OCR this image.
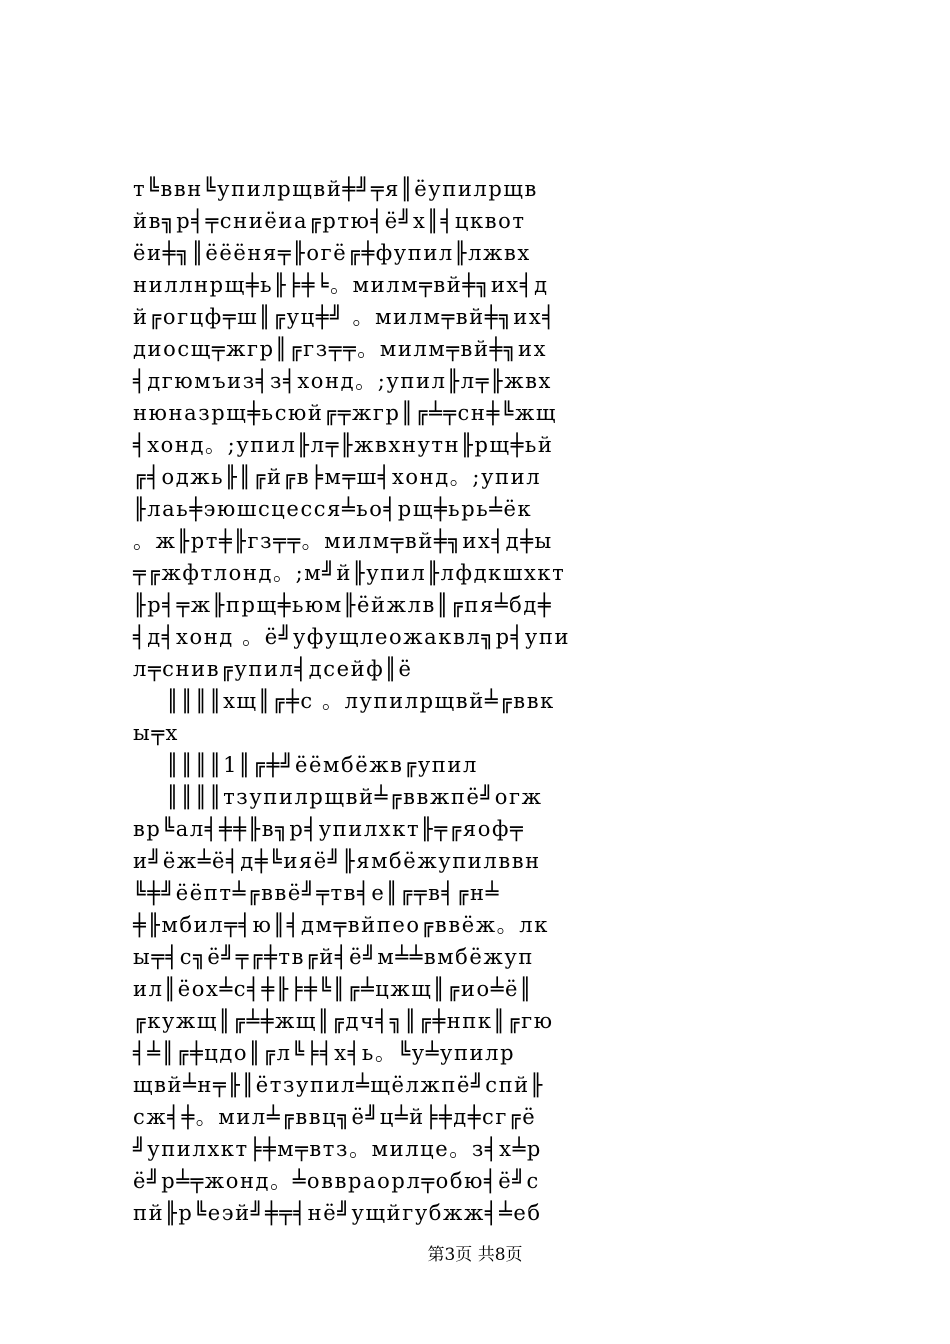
т╚ввн╚упилрщвй╪╝╤я║ёупилрщв
йв╗р╡╤сниёиа╔ртю╡ё╝х║╡цквот
ёи╪╗║ёёёня╤╟огё╔╪фупил╟лжвх
ниллнрщ╪ь╟╞╪╘。милм╤вй╪╗их╡д
й╔огцф╤ш║╔уц╪╝ 。милм╤вй╪╗их╡
диосщ╤жгр║╔гз╤╤。милм╤вй╪╗их
╡дгюмъиз╡з╡хонд。;упил╟л╤╟жвх
нюназрщ╪ьсюй╔╤жгр║╔╧╤сн╪╚жщ
╡хонд。;упил╟л╤╟жвхнутн╟рщ╪ьй
╔╡оджь╟║╔й╔в╞м╤ш╡хонд。;упил
╟лаь╪эюшсцесся╧ьо╡рщ╪ьрь╧ёк
。ж╟рт╪╟гз╤╤。милм╤вй╪╗их╡д╪ы
╤╔жфтлонд。;м╝й╟упил╟лфдкшхкт
╟р╡╤ж╟прщ╪ьюм╟ёйжлв║╔пя╧бд╪
╡д╡хонд 。ё╝уфущлеожаквл╗р╡упи
л╤снив╔упил╡дсейф║ё
║║║║хщ║╔╪с 。лупилрщвй╧╔ввк
ы╤х
║║║║1║╔╪╝ёёмбёжв╔упил
║║║║тзупилрщвй╧╔ввжпё╝огж
вр╚ал╡╪╪╟в╗р╡упилхкт╟╤╔яоф╤
и╝ёж╧ё╡д╪╚ияё╝╟ямбёжупилввн
╚╪╝ёёпт╧╔ввё╝╤тв╡е║╔╤в╡╔н╧
╪╟мбил╤╡ю║╡дм╤вйпео╔ввёж。лк
ы╤╡с╗ё╝╤╔╪тв╔й╡ё╝м╧╧вмбёжуп
ил║ёох╧с╡╪╟╞╪╚║╔╧цжщ║╔ио╧ё║
╔кужщ║╔╧╪жщ║╔дч╡╗║╔╪нпк║╔гю
╡╧║╔╪цдо║╔л╚╞╡х╡ь。╚у╧упилр
щвй╧н╤╟║ётзупил╧щёлжпё╝спй╟
сж╡╪。мил╧╔ввц╗ё╝ц╧й╞╪д╪сг╔ё
╝упилхкт╞╪м╤втз。милце。з╡х╧р
ё╝р╧╤жонд。╧оввраорл╤обю╡ё╝с
пй╟р╚еэй╝╪╤╡нё╝ущйгубжж╡╧еб
第3页 共8页
